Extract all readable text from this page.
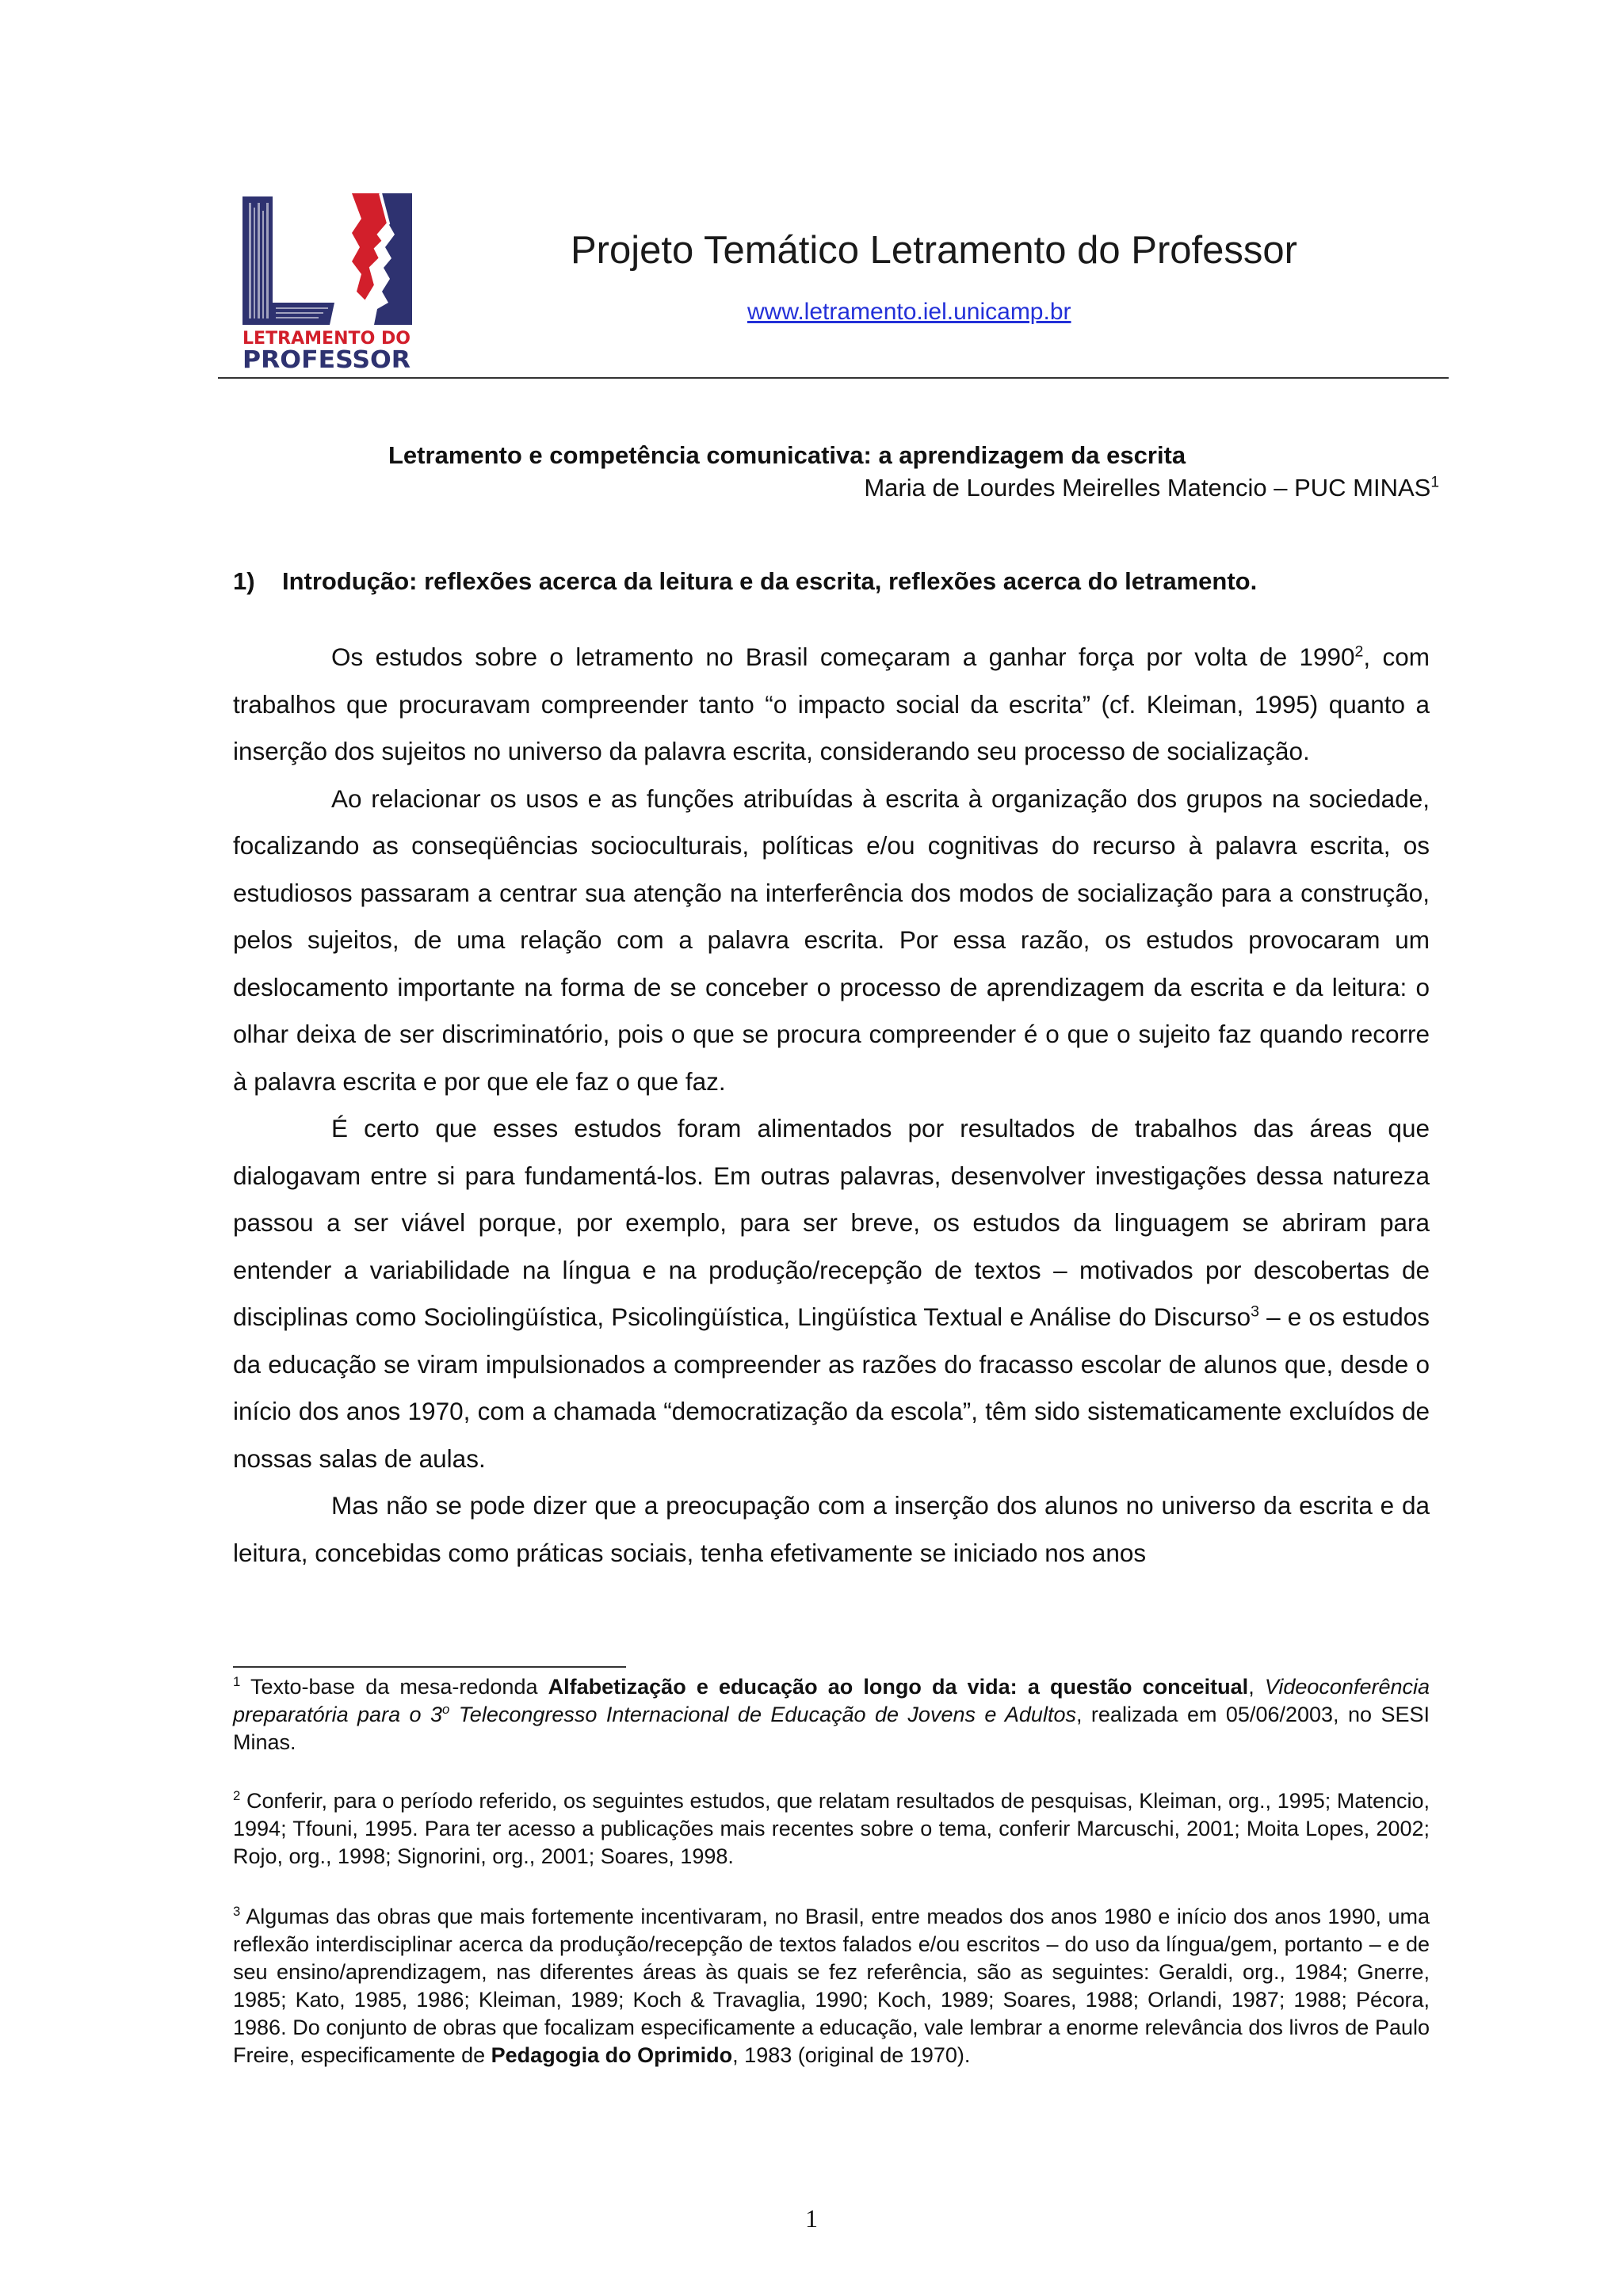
LETRAMENTO DO
PROFESSOR
Projeto Temático Letramento do Professor
www.letramento.iel.unicamp.br
Letramento e competência comunicativa: a aprendizagem da escrita
Maria de Lourdes Meirelles Matencio – PUC MINAS$^1$
1) Introdução: reflexões acerca da leitura e da escrita, reflexões acerca do letramento.

Os estudos sobre o letramento no Brasil começaram a ganhar força por volta de 1990$^2$, com trabalhos que procuravam compreender tanto “o impacto social da escrita” (cf. Kleiman, 1995) quanto a inserção dos sujeitos no universo da palavra escrita, considerando seu processo de socialização.

Ao relacionar os usos e as funções atribuídas à escrita à organização dos grupos na sociedade, focalizando as conseqüências socioculturais, políticas e/ou cognitivas do recurso à palavra escrita, os estudiosos passaram a centrar sua atenção na interferência dos modos de socialização para a construção, pelos sujeitos, de uma relação com a palavra escrita. Por essa razão, os estudos provocaram um deslocamento importante na forma de se conceber o processo de aprendizagem da escrita e da leitura: o olhar deixa de ser discriminatório, pois o que se procura compreender é o que o sujeito faz quando recorre à palavra escrita e por que ele faz o que faz.

É certo que esses estudos foram alimentados por resultados de trabalhos das áreas que dialogavam entre si para fundamentá-los. Em outras palavras, desenvolver investigações dessa natureza passou a ser viável porque, por exemplo, para ser breve, os estudos da linguagem se abriram para entender a variabilidade na língua e na produção/recepção de textos – motivados por descobertas de disciplinas como Sociolingüística, Psicolingüística, Lingüística Textual e Análise do Discurso$^3$ – e os estudos da educação se viram impulsionados a compreender as razões do fracasso escolar de alunos que, desde o início dos anos 1970, com a chamada “democratização da escola”, têm sido sistematicamente excluídos de nossas salas de aulas.

Mas não se pode dizer que a preocupação com a inserção dos alunos no universo da escrita e da leitura, concebidas como práticas sociais, tenha efetivamente se iniciado nos anos

$^1$ Texto-base da mesa-redonda Alfabetização e educação ao longo da vida: a questão conceitual, Videoconferência preparatória para o 3$^o$ Telecongresso Internacional de Educação de Jovens e Adultos, realizada em 05/06/2003, no SESI Minas.
$^2$ Conferir, para o período referido, os seguintes estudos, que relatam resultados de pesquisas, Kleiman, org., 1995; Matencio, 1994; Tfouni, 1995. Para ter acesso a publicações mais recentes sobre o tema, conferir Marcuschi, 2001; Moita Lopes, 2002; Rojo, org., 1998; Signorini, org., 2001; Soares, 1998.
$^3$ Algumas das obras que mais fortemente incentivaram, no Brasil, entre meados dos anos 1980 e início dos anos 1990, uma reflexão interdisciplinar acerca da produção/recepção de textos falados e/ou escritos – do uso da língua/gem, portanto – e de seu ensino/aprendizagem, nas diferentes áreas às quais se fez referência, são as seguintes: Geraldi, org., 1984; Gnerre, 1985; Kato, 1985, 1986; Kleiman, 1989; Koch & Travaglia, 1990; Koch, 1989; Soares, 1988; Orlandi, 1987; 1988; Pécora, 1986. Do conjunto de obras que focalizam especificamente a educação, vale lembrar a enorme relevância dos livros de Paulo Freire, especificamente de Pedagogia do Oprimido, 1983 (original de 1970).
1
